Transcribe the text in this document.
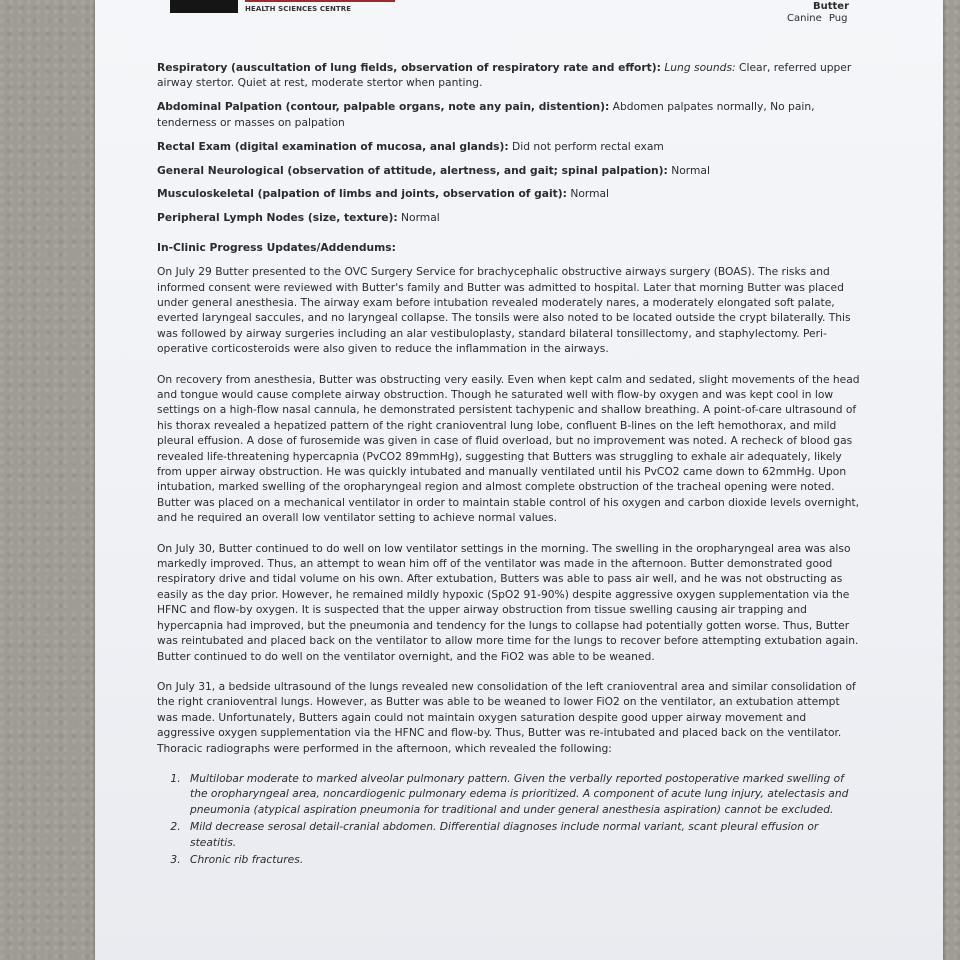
HEALTH SCIENCES CENTRE	Butter
Canine Pug

Respiratory (auscultation of lung fields, observation of respiratory rate and effort): Lung sounds: Clear, referred upper airway stertor. Quiet at rest, moderate stertor when panting.

Abdominal Palpation (contour, palpable organs, note any pain, distention): Abdomen palpates normally, No pain, tenderness or masses on palpation

Rectal Exam (digital examination of mucosa, anal glands): Did not perform rectal exam

General Neurological (observation of attitude, alertness, and gait; spinal palpation): Normal

Musculoskeletal (palpation of limbs and joints, observation of gait): Normal

Peripheral Lymph Nodes (size, texture): Normal

In-Clinic Progress Updates/Addendums:

On July 29 Butter presented to the OVC Surgery Service for brachycephalic obstructive airways surgery (BOAS). The risks and informed consent were reviewed with Butter's family and Butter was admitted to hospital. Later that morning Butter was placed under general anesthesia. The airway exam before intubation revealed moderately nares, a moderately elongated soft palate, everted laryngeal saccules, and no laryngeal collapse. The tonsils were also noted to be located outside the crypt bilaterally. This was followed by airway surgeries including an alar vestibuloplasty, standard bilateral tonsillectomy, and staphylectomy. Peri-operative corticosteroids were also given to reduce the inflammation in the airways.

On recovery from anesthesia, Butter was obstructing very easily. Even when kept calm and sedated, slight movements of the head and tongue would cause complete airway obstruction. Though he saturated well with flow-by oxygen and was kept cool in low settings on a high-flow nasal cannula, he demonstrated persistent tachypenic and shallow breathing. A point-of-care ultrasound of his thorax revealed a hepatized pattern of the right cranioventral lung lobe, confluent B-lines on the left hemothorax, and mild pleural effusion. A dose of furosemide was given in case of fluid overload, but no improvement was noted. A recheck of blood gas revealed life-threatening hypercapnia (PvCO2 89mmHg), suggesting that Butters was struggling to exhale air adequately, likely from upper airway obstruction. He was quickly intubated and manually ventilated until his PvCO2 came down to 62mmHg. Upon intubation, marked swelling of the oropharyngeal region and almost complete obstruction of the tracheal opening were noted. Butter was placed on a mechanical ventilator in order to maintain stable control of his oxygen and carbon dioxide levels overnight, and he required an overall low ventilator setting to achieve normal values.

On July 30, Butter continued to do well on low ventilator settings in the morning. The swelling in the oropharyngeal area was also markedly improved. Thus, an attempt to wean him off of the ventilator was made in the afternoon. Butter demonstrated good respiratory drive and tidal volume on his own. After extubation, Butters was able to pass air well, and he was not obstructing as easily as the day prior. However, he remained mildly hypoxic (SpO2 91-90%) despite aggressive oxygen supplementation via the HFNC and flow-by oxygen. It is suspected that the upper airway obstruction from tissue swelling causing air trapping and hypercapnia had improved, but the pneumonia and tendency for the lungs to collapse had potentially gotten worse. Thus, Butter was reintubated and placed back on the ventilator to allow more time for the lungs to recover before attempting extubation again. Butter continued to do well on the ventilator overnight, and the FiO2 was able to be weaned.

On July 31, a bedside ultrasound of the lungs revealed new consolidation of the left cranioventral area and similar consolidation of the right cranioventral lungs. However, as Butter was able to be weaned to lower FiO2 on the ventilator, an extubation attempt was made. Unfortunately, Butters again could not maintain oxygen saturation despite good upper airway movement and aggressive oxygen supplementation via the HFNC and flow-by. Thus, Butter was re-intubated and placed back on the ventilator. Thoracic radiographs were performed in the afternoon, which revealed the following:

1. Multilobar moderate to marked alveolar pulmonary pattern. Given the verbally reported postoperative marked swelling of the oropharyngeal area, noncardiogenic pulmonary edema is prioritized. A component of acute lung injury, atelectasis and pneumonia (atypical aspiration pneumonia for traditional and under general anesthesia aspiration) cannot be excluded.
2. Mild decrease serosal detail-cranial abdomen. Differential diagnoses include normal variant, scant pleural effusion or steatitis.
3. Chronic rib fractures.
